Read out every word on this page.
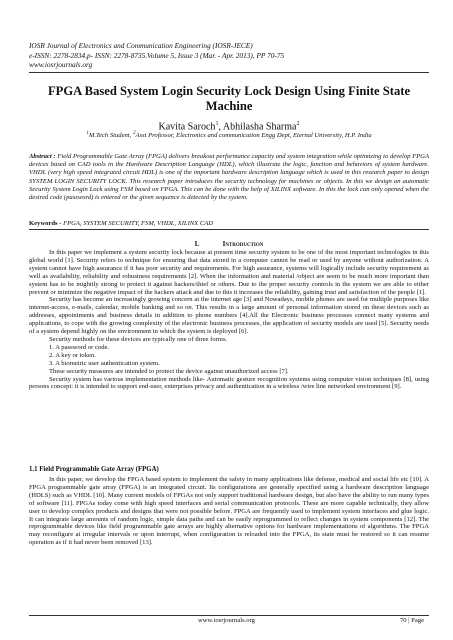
IOSR Journal of Electronics and Communication Engineering (IOSR-JECE)
e-ISSN: 2278-2834,p- ISSN: 2278-8735.Volume 5, Issue 3 (Mar. - Apr. 2013), PP 70-75
www.iosrjournals.org
FPGA Based System Login Security Lock Design Using Finite State Machine
Kavita Saroch$^1$, Abhilasha Sharma$^2$
$^1$M.Tech Student, $^2$Asst Professor, Electronics and communication Engg Dept, Eternal University, H.P. India
Abstract : Field Programmable Gate Array (FPGA) delivers breakout performance capacity and system integration while optimizing to develop FPGA devices based on CAD tools in the Hardware Description Language (HDL), which illustrate the logic, function and behaviors of system hardware. VHDL (very high speed integrated circuit HDL) is one of the important hardware description language which is used in this research paper to design SYSTEM LOGIN SECURITY LOCK. This research paper introduces the security technology for machines or objects. In this we design an automatic Security System Login Lock using FSM based on FPGA. This can be done with the help of XILINX software. In this the lock can only opened when the desired code (password) is entered or the given sequence is detected by the system.
Keywords - FPGA, SYSTEM SECURITY, FSM, VHDL, XILINX CAD
I.	Introduction

In this paper we implement a system security lock because at present time security system to be one of the most important technologies in this global world [1]. Security refers to technique for ensuring that data stored in a computer cannot be read or used by anyone without authorization. A system cannot have high assurance if it has poor security and requirements. For high assurance, systems will logically include security requirement as well as availability, reliability and robustness requirements [2]. When the information and material /object are seem to be much more important than system has to be mightily strong to protect it against hackers/thief or others. Due to the proper security controls in the system we are able to either prevent or minimize the negative impact of the hackers attack and due to this it increases the reliability, gaining trust and satisfaction of the people [1].

Security has become an increasingly growing concern at the internet age [3] and Nowadays, mobile phones are used for multiple purposes like internet-access, e-mails, calendar, mobile banking and so on. This results in a large amount of personal information stored on these devices such as addresses, appointments and business details in addition to phone numbers [4].All the Electronic business processes connect many systems and applications, to cope with the growing complexity of the electronic business processes, the application of security models are used [5]. Security needs of a system depend highly on the environment in which the system is deployed [6].

Security methods for these devices are typically one of three forms.

1. A password or code.

2. A key or token.

3. A biometric user authentication system.

These security measures are intended to protect the device against unauthorized access [7].

Security system has various implementation methods like- Automatic gesture recognition systems using computer vision techniques [8], using persons concept: it is intended to support end-user, enterprises privacy and authentication in a wireless /wire line networked environment [9].

1.1 Field Programmable Gate Array (FPGA)

In this paper, we develop the FPGA based system to implement the safety in many applications like defense, medical and social life etc [10]. A FPGA programmable gate array (FPGA) is an integrated circuit. Its configurations are generally specified using a hardware description language (HDLS) such as VHDL [10]. Many current models of FPGAs not only support traditional hardware design, but also have the ability to run many types of software [11]. FPGAs today come with high speed interfaces and serial communication protocols. These are more capable technically, they allow user to develop complex products and designs that were not possible before. FPGA are frequently used to implement system interfaces and glue logic. It can integrate large amounts of random logic, simple data paths and can be easily reprogrammed to reflect changes in system components [12]. The reprogrammable devices like field programmable gate arrays are highly alternative options for hardware implementations of algorithms. The FPGA may reconfigure at irregular intervals or upon interrupt, when configuration is reloaded into the FPGA, its state must be restored so it can resume operation as if it had never been removed [13].

www.iosrjournals.org	70 | Page
